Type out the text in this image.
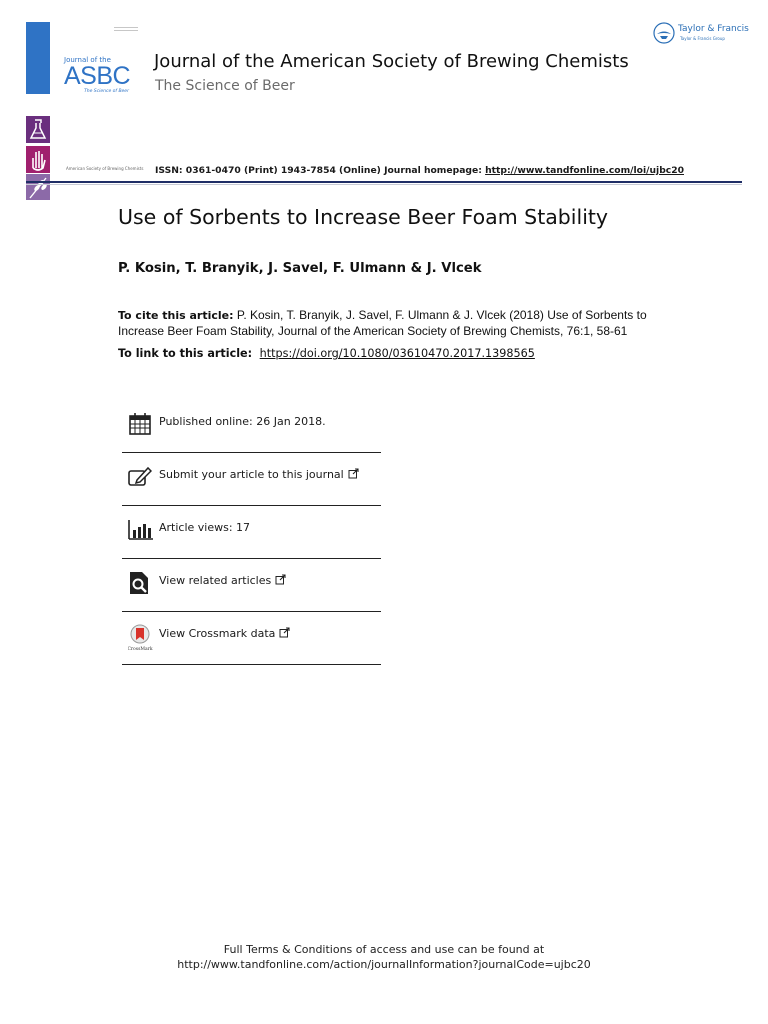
Journal of the
ASBC
The Science of Beer
American Society of Brewing Chemists
Journal of the American Society of Brewing Chemists
The Science of Beer
Taylor & Francis
Taylor & Francis Group
ISSN: 0361-0470 (Print) 1943-7854 (Online) Journal homepage: http://www.tandfonline.com/loi/ujbc20
Use of Sorbents to Increase Beer Foam Stability
P. Kosin, T. Branyik, J. Savel, F. Ulmann & J. Vlcek
To cite this article: P. Kosin, T. Branyik, J. Savel, F. Ulmann & J. Vlcek (2018) Use of Sorbents to Increase Beer Foam Stability, Journal of the American Society of Brewing Chemists, 76:1, 58-61
To link to this article: https://doi.org/10.1080/03610470.2017.1398565
Published online: 26 Jan 2018.
Submit your article to this journal
Article views: 17
View related articles
CrossMark
View Crossmark data
Full Terms & Conditions of access and use can be found at
http://www.tandfonline.com/action/journalInformation?journalCode=ujbc20
